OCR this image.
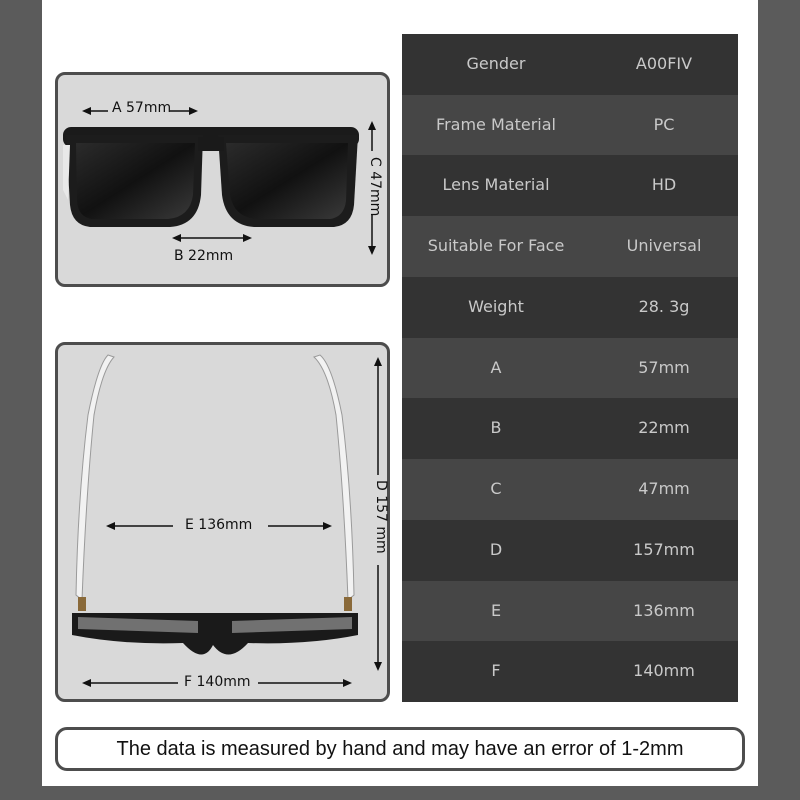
A 57mm
B 22mm
C 47mm
E 136mm	D 157 mm
F 140mm
Gender	A00FIV
Frame Material	PC
Lens Material	HD
Suitable For Face	Universal
Weight	28. 3g
A	57mm
B	22mm
C	47mm
D	157mm
E	136mm
F	140mm
The data is measured by hand and may have an error of 1-2mm
